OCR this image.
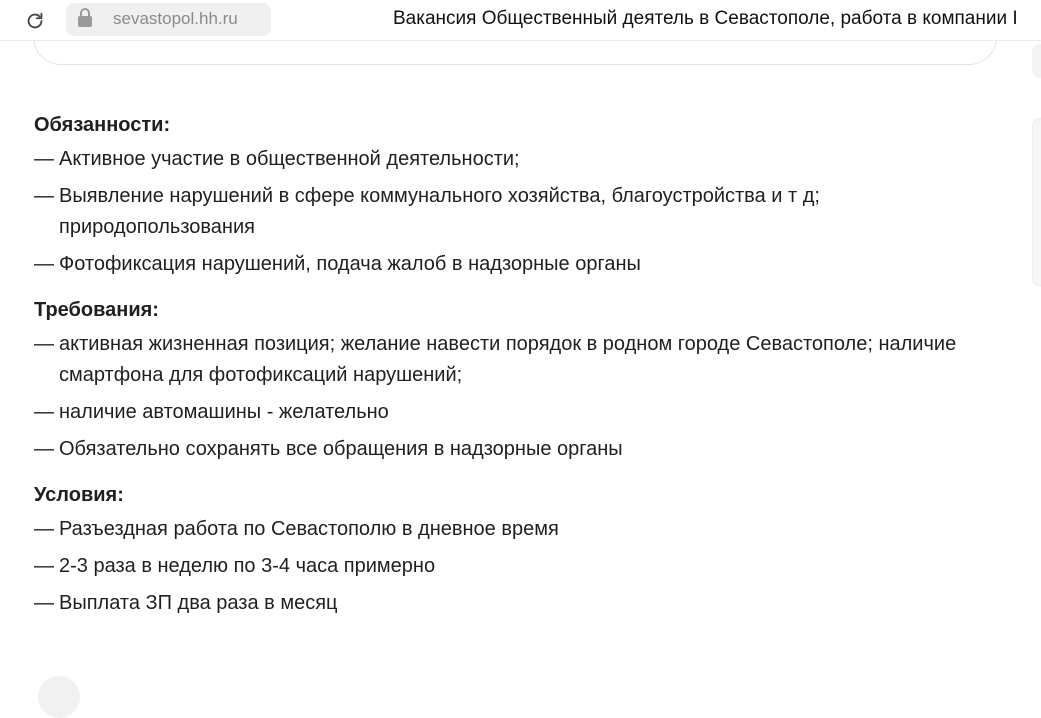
sevastopol.hh.ru	Вакансия Общественный деятель в Севастополе, работа в компании I
Обязанности:
— Активное участие в общественной деятельности;
— Выявление нарушений в сфере коммунального хозяйства, благоустройства и т д; природопользования
— Фотофиксация нарушений, подача жалоб в надзорные органы
Требования:
— активная жизненная позиция; желание навести порядок в родном городе Севастополе; наличие смартфона для фотофиксаций нарушений;
— наличие автомашины - желательно
— Обязательно сохранять все обращения в надзорные органы
Условия:
— Разъездная работа по Севастополю в дневное время
— 2-3 раза в неделю по 3-4 часа примерно
— Выплата ЗП два раза в месяц
